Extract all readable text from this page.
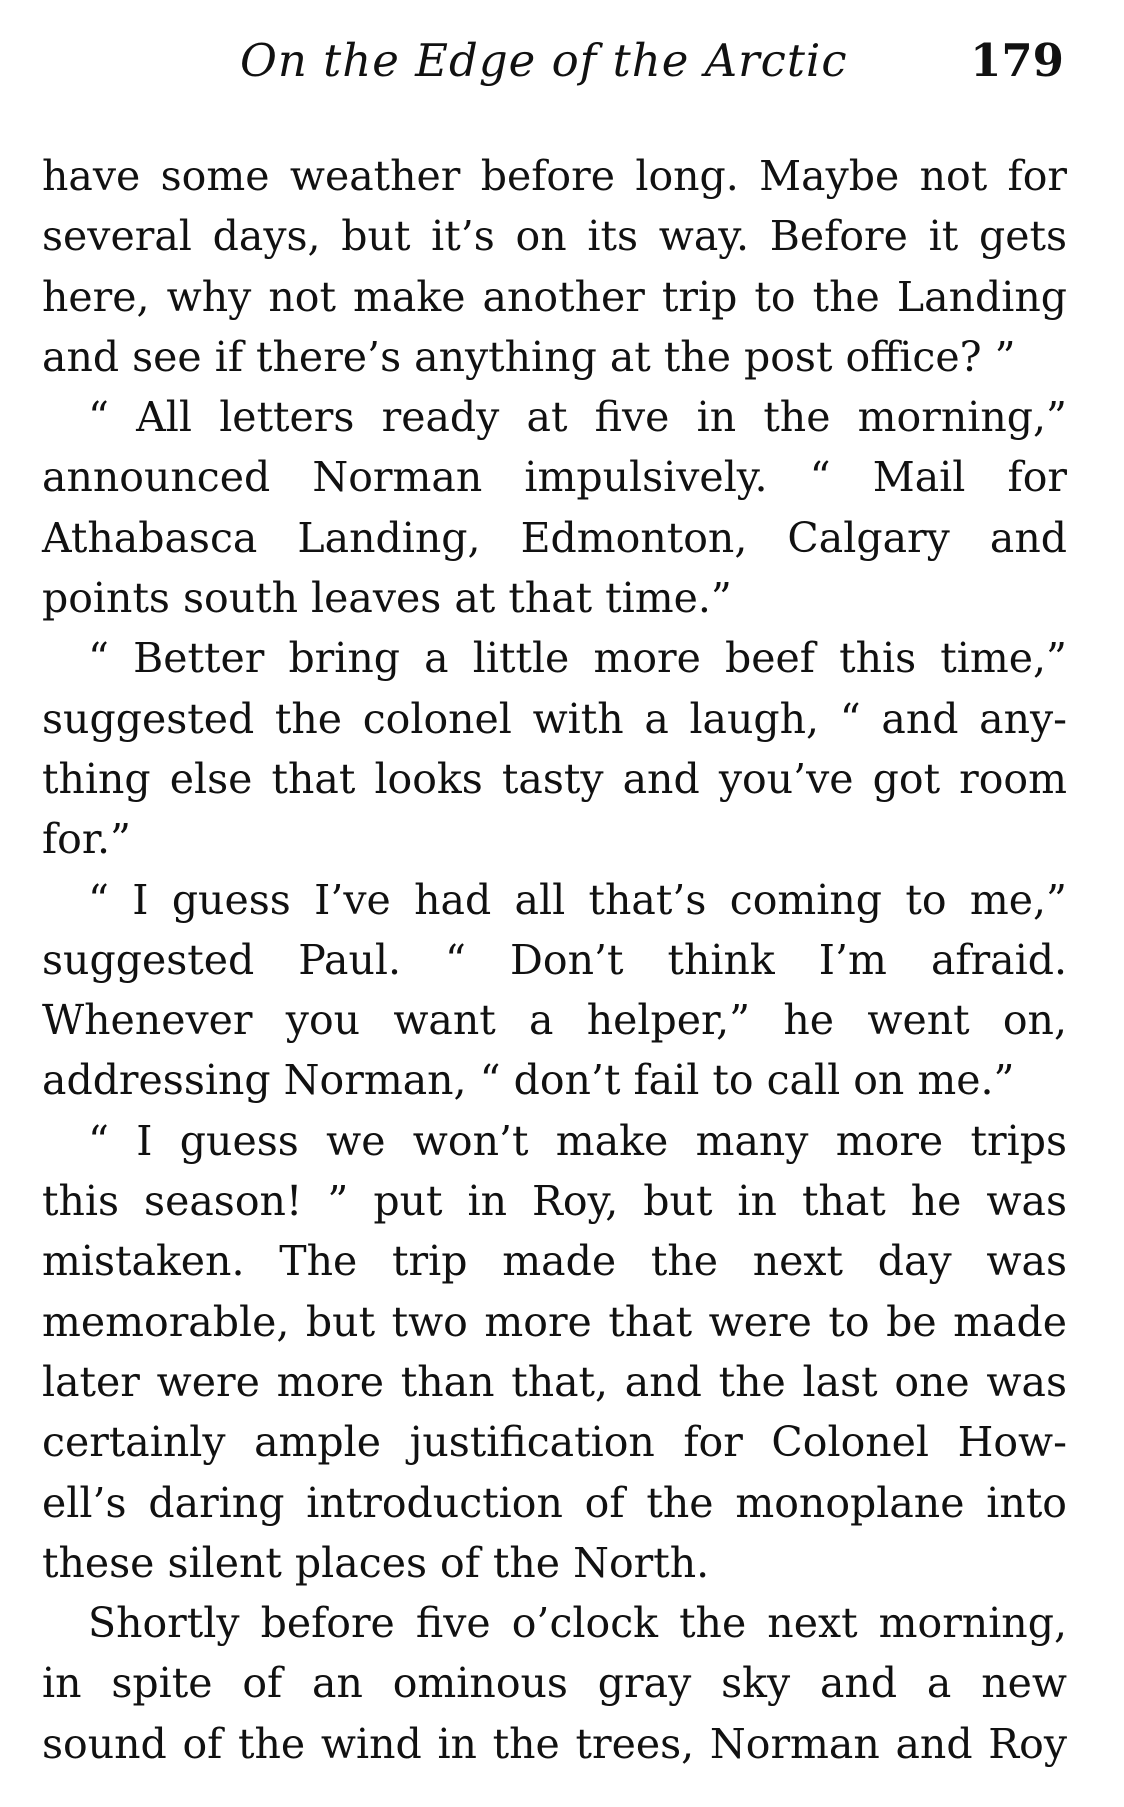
On the Edge of the Arctic	179
have some weather before long. Maybe not for
several days, but it’s on its way. Before it gets
here, why not make another trip to the Landing
and see if there’s anything at the post office? ”
“ All letters ready at five in the morning,”
announced Norman impulsively. “ Mail for
Athabasca Landing, Edmonton, Calgary and
points south leaves at that time.”
“ Better bring a little more beef this time,”
suggested the colonel with a laugh, “ and any-
thing else that looks tasty and you’ve got room
for.”
“ I guess I’ve had all that’s coming to me,”
suggested Paul. “ Don’t think I’m afraid.
Whenever you want a helper,” he went on,
addressing Norman, “ don’t fail to call on me.”
“ I guess we won’t make many more trips
this season! ” put in Roy, but in that he was
mistaken. The trip made the next day was
memorable, but two more that were to be made
later were more than that, and the last one was
certainly ample justification for Colonel How-
ell’s daring introduction of the monoplane into
these silent places of the North.
Shortly before five o’clock the next morning,
in spite of an ominous gray sky and a new
sound of the wind in the trees, Norman and Roy
